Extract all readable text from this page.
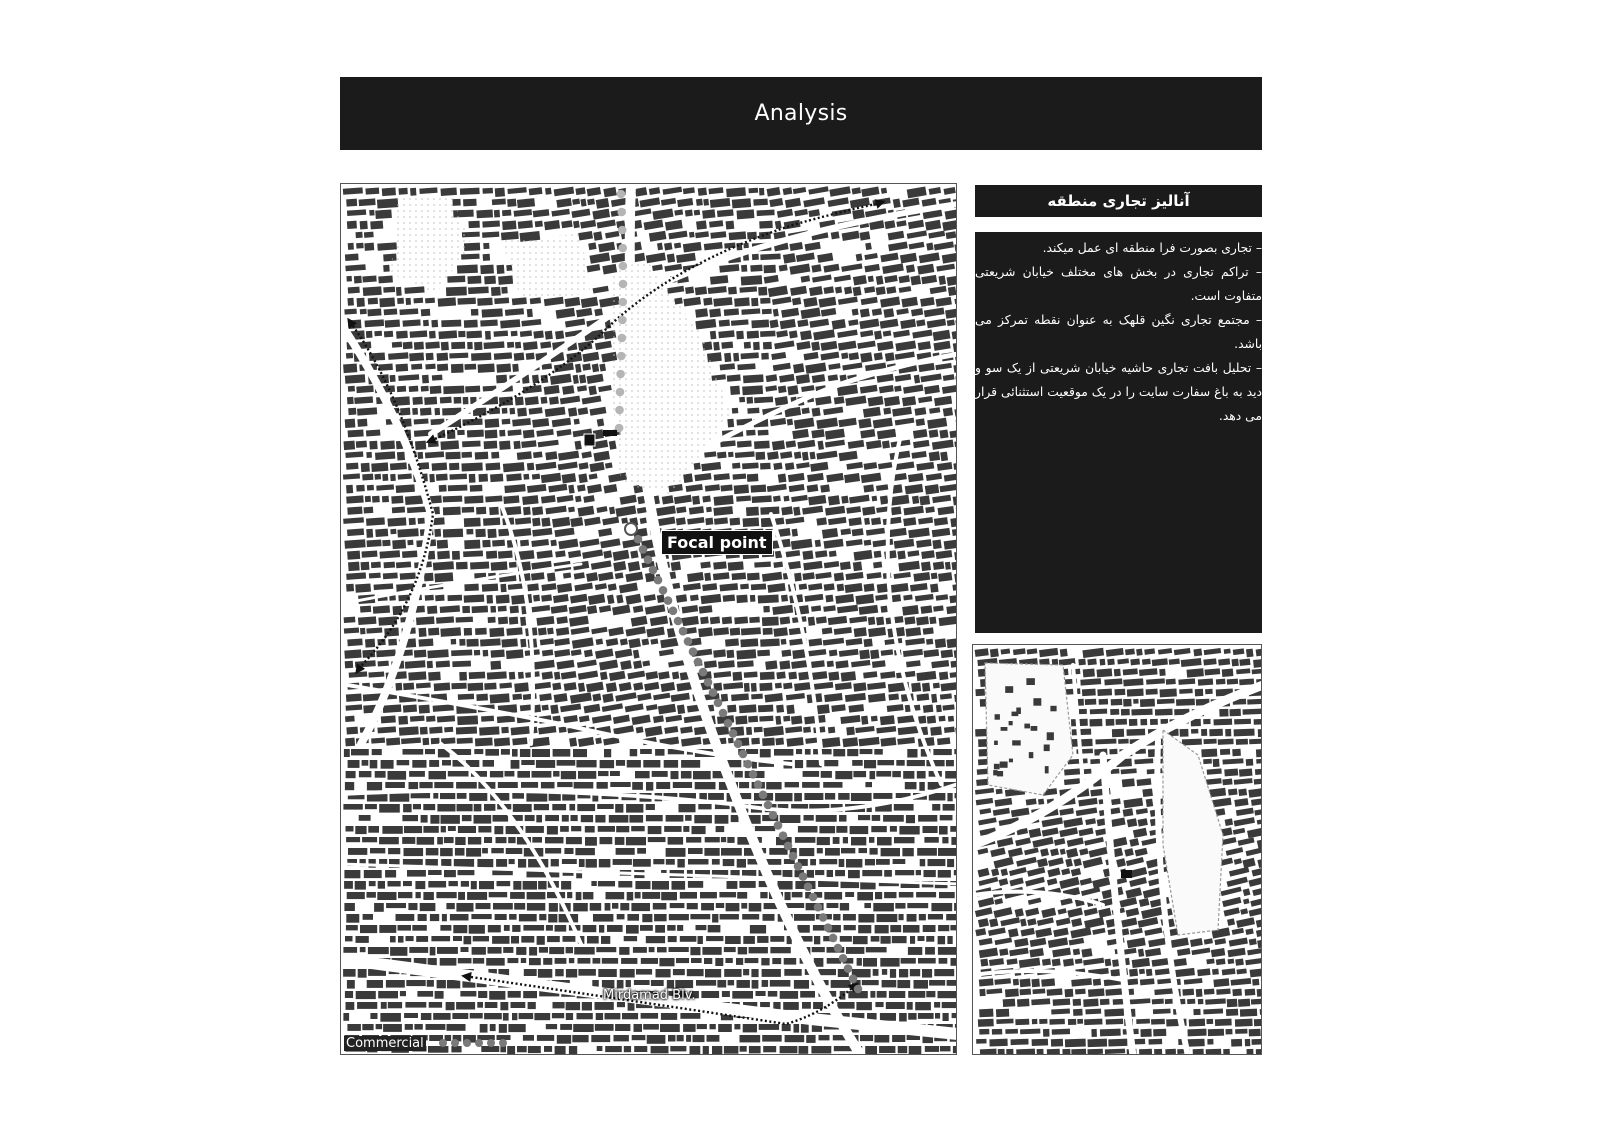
Analysis
Focal point
Mirdamad Blv.
Commercial
آنالیز تجاری منطقه

– تجاری بصورت فرا منطقه ای عمل میکند.

– تراکم تجاری در بخش های مختلف خیابان شریعتی متفاوت است.

– مجتمع تجاری نگین قلهک به عنوان نقطه تمرکز می باشد.

– تحلیل بافت تجاری حاشیه خیابان شریعتی از یک سو و دید به باغ سفارت سایت را در یک موقعیت استثنائی قرار می دهد.
